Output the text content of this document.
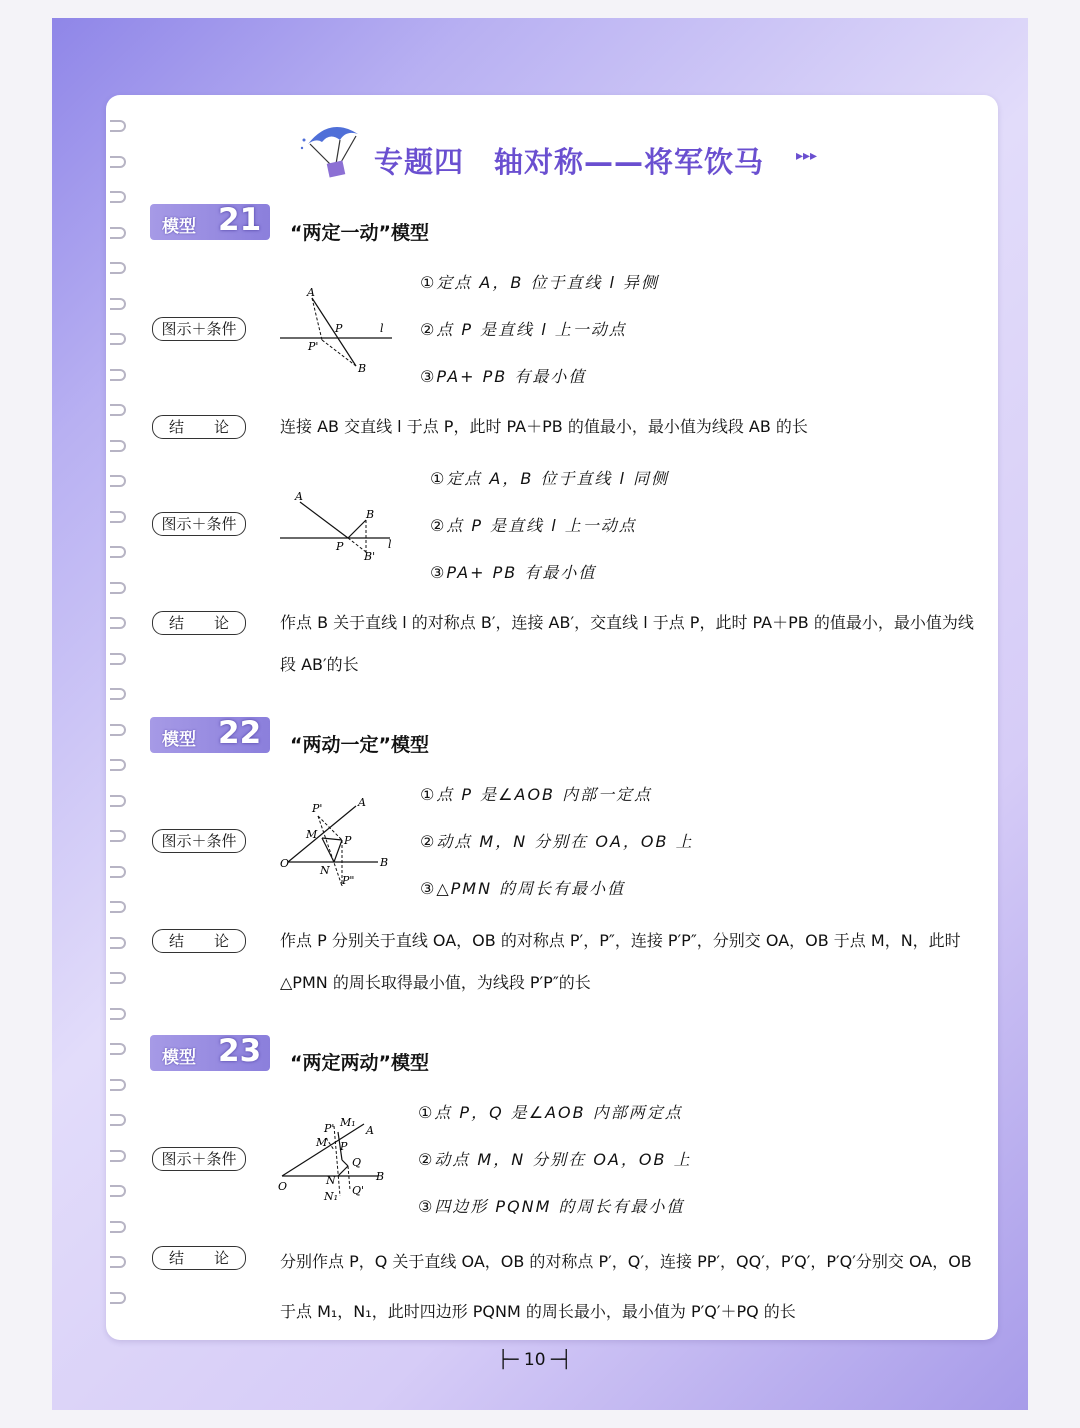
专题四　轴对称——将军饮马 ▸▸▸
模型 21 “两定一动”模型
A
B
P
P'
l
图示＋条件
①定点 A，B 位于直线 l 异侧
②点 P 是直线 l 上一动点
③PA+ PB 有最小值
结　　论	连接 AB 交直线 l 于点 P，此时 PA＋PB 的值最小，最小值为线段 AB 的长
A
B
B'
P	l
图示＋条件
①定点 A，B 位于直线 l 同侧
②点 P 是直线 l 上一动点
③PA+ PB 有最小值
结　　论	作点 B 关于直线 l 的对称点 B′，连接 AB′，交直线 l 于点 P，此时 PA＋PB 的值最小，最小值为线段 AB′的长
模型 22 “两动一定”模型
A
B
O
P
P'
P"
M
N
图示＋条件
①点 P 是∠AOB 内部一定点
②动点 M，N 分别在 OA，OB 上
③△PMN 的周长有最小值
结　　论	作点 P 分别关于直线 OA，OB 的对称点 P′，P″，连接 P′P″，分别交 OA，OB 于点 M，N，此时△PMN 的周长取得最小值，为线段 P′P″的长
模型 23 “两定两动”模型
A
B
O
P
P'
Q
Q'
M
M₁
N
N₁
图示＋条件
①点 P，Q 是∠AOB 内部两定点
②动点 M，N 分别在 OA，OB 上
③四边形 PQNM 的周长有最小值
结　　论	分别作点 P，Q 关于直线 OA，OB 的对称点 P′，Q′，连接 PP′，QQ′，P′Q′，P′Q′分别交 OA，OB 于点 M₁，N₁，此时四边形 PQNM 的周长最小，最小值为 P′Q′＋PQ 的长
├─ 10 ─┤
